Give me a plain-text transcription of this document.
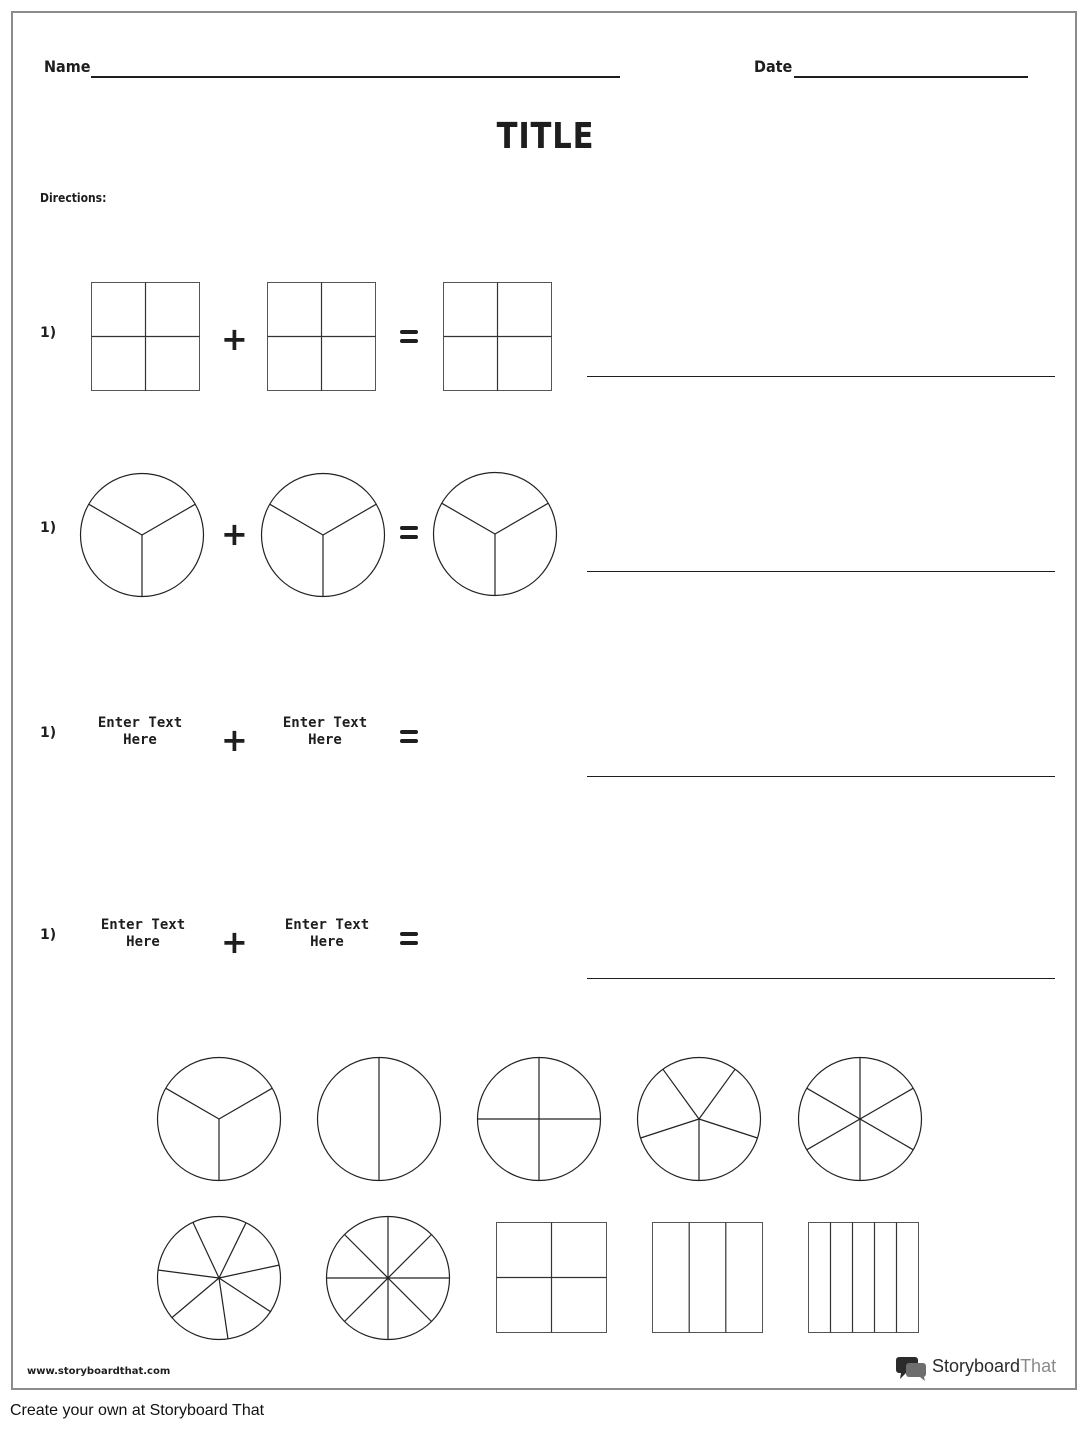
Name	Date
TITLE
Directions:
1)	+
1)	+
1)
Enter Text
Here	+	Enter Text
Here
1)
Enter Text
Here	+	Enter Text
Here
www.storyboardthat.com	StoryboardThat
Create your own at Storyboard That
